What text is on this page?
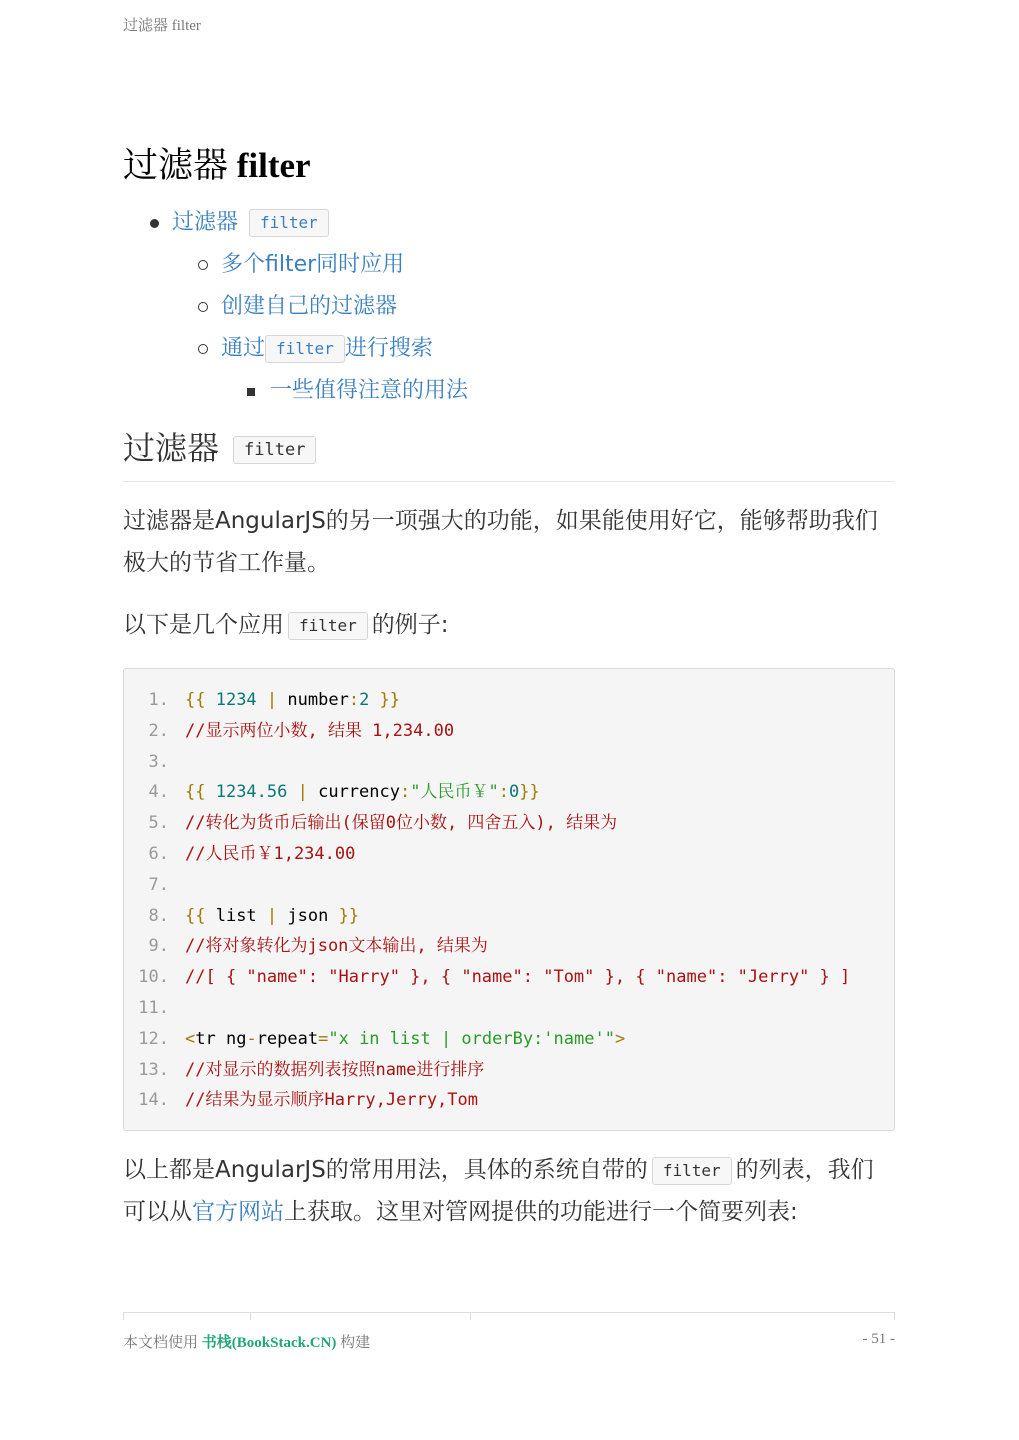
过滤器 filter
过滤器 filter
过滤器 filter
多个filter同时应用
创建自己的过滤器
通过 filter 进行搜索
一些值得注意的用法
过滤器 filter

过滤器是AngularJS的另一项强大的功能，如果能使用好它，能够帮助我们极大的节省工作量。

以下是几个应用 filter 的例子:

1. {{ 1234 | number:2 }}
2. //显示两位小数, 结果 1,234.00
3.
4. {{ 1234.56 | currency:"人民币￥":0}}
5. //转化为货币后输出(保留0位小数, 四舍五入), 结果为
6. //人民币￥1,234.00
7.
8. {{ list | json }}
9. //将对象转化为json文本输出, 结果为
10. //[ { "name": "Harry" }, { "name": "Tom" }, { "name": "Jerry" } ]
11.
12. <tr ng-repeat="x in list | orderBy:'name'">
13. //对显示的数据列表按照name进行排序
14. //结果为显示顺序Harry,Jerry,Tom

以上都是AngularJS的常用用法，具体的系统自带的 filter 的列表，我们可以从官方网站上获取。这里对管网提供的功能进行一个简要列表:

本文档使用 书栈(BookStack.CN) 构建	- 51 -
